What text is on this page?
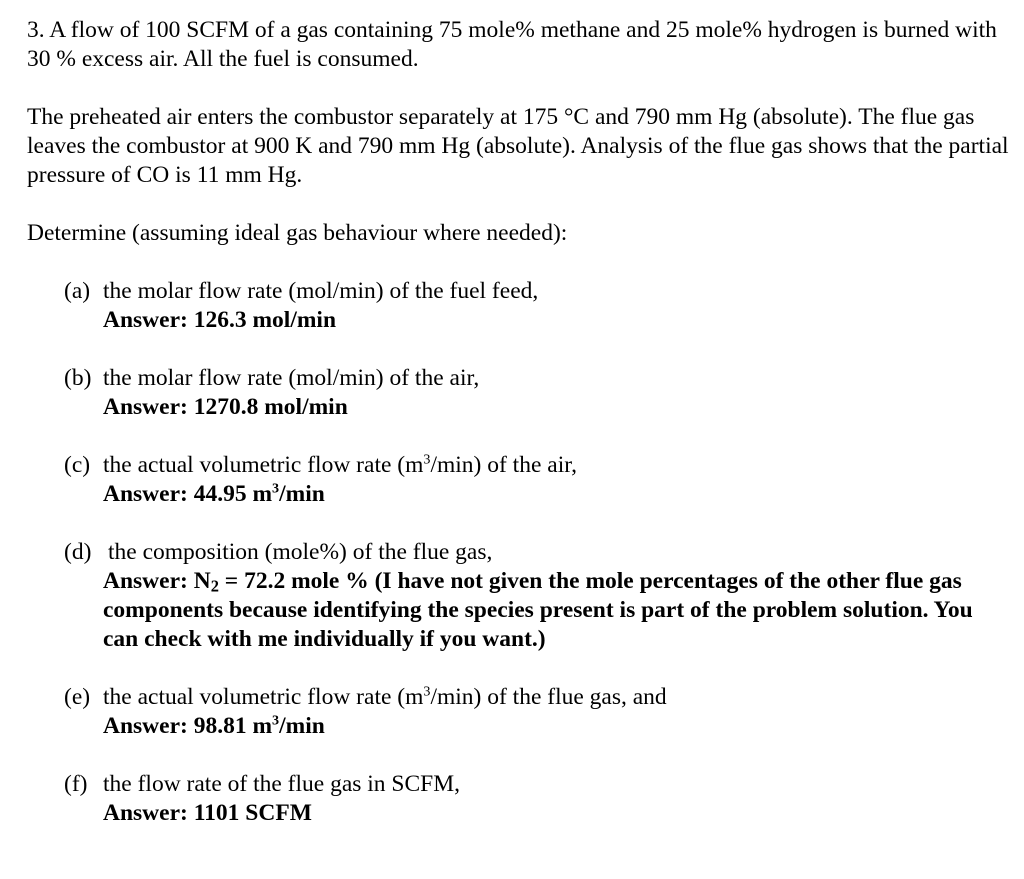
3. A flow of 100 SCFM of a gas containing 75 mole% methane and 25 mole% hydrogen is burned with 30 % excess air. All the fuel is consumed.

The preheated air enters the combustor separately at 175 °C and 790 mm Hg (absolute). The flue gas leaves the combustor at 900 K and 790 mm Hg (absolute). Analysis of the flue gas shows that the partial pressure of CO is 11 mm Hg.

Determine (assuming ideal gas behaviour where needed):

(a) the molar flow rate (mol/min) of the fuel feed,
Answer: 126.3 mol/min
(b) the molar flow rate (mol/min) of the air,
Answer: 1270.8 mol/min
(c) the actual volumetric flow rate $(m^3/\min)$ of the air,
Answer: 44.95 $m^3/\min$
(d) the composition (mole%) of the flue gas,
Answer: $N_2 = 72.2$ mole % (I have not given the mole percentages of the other flue gas components because identifying the species present is part of the problem solution. You can check with me individually if you want.)
(e) the actual volumetric flow rate $(m^3/\min)$ of the flue gas, and
Answer: 98.81 $m^3/\min$
(f) the flow rate of the flue gas in SCFM,
Answer: 1101 SCFM
